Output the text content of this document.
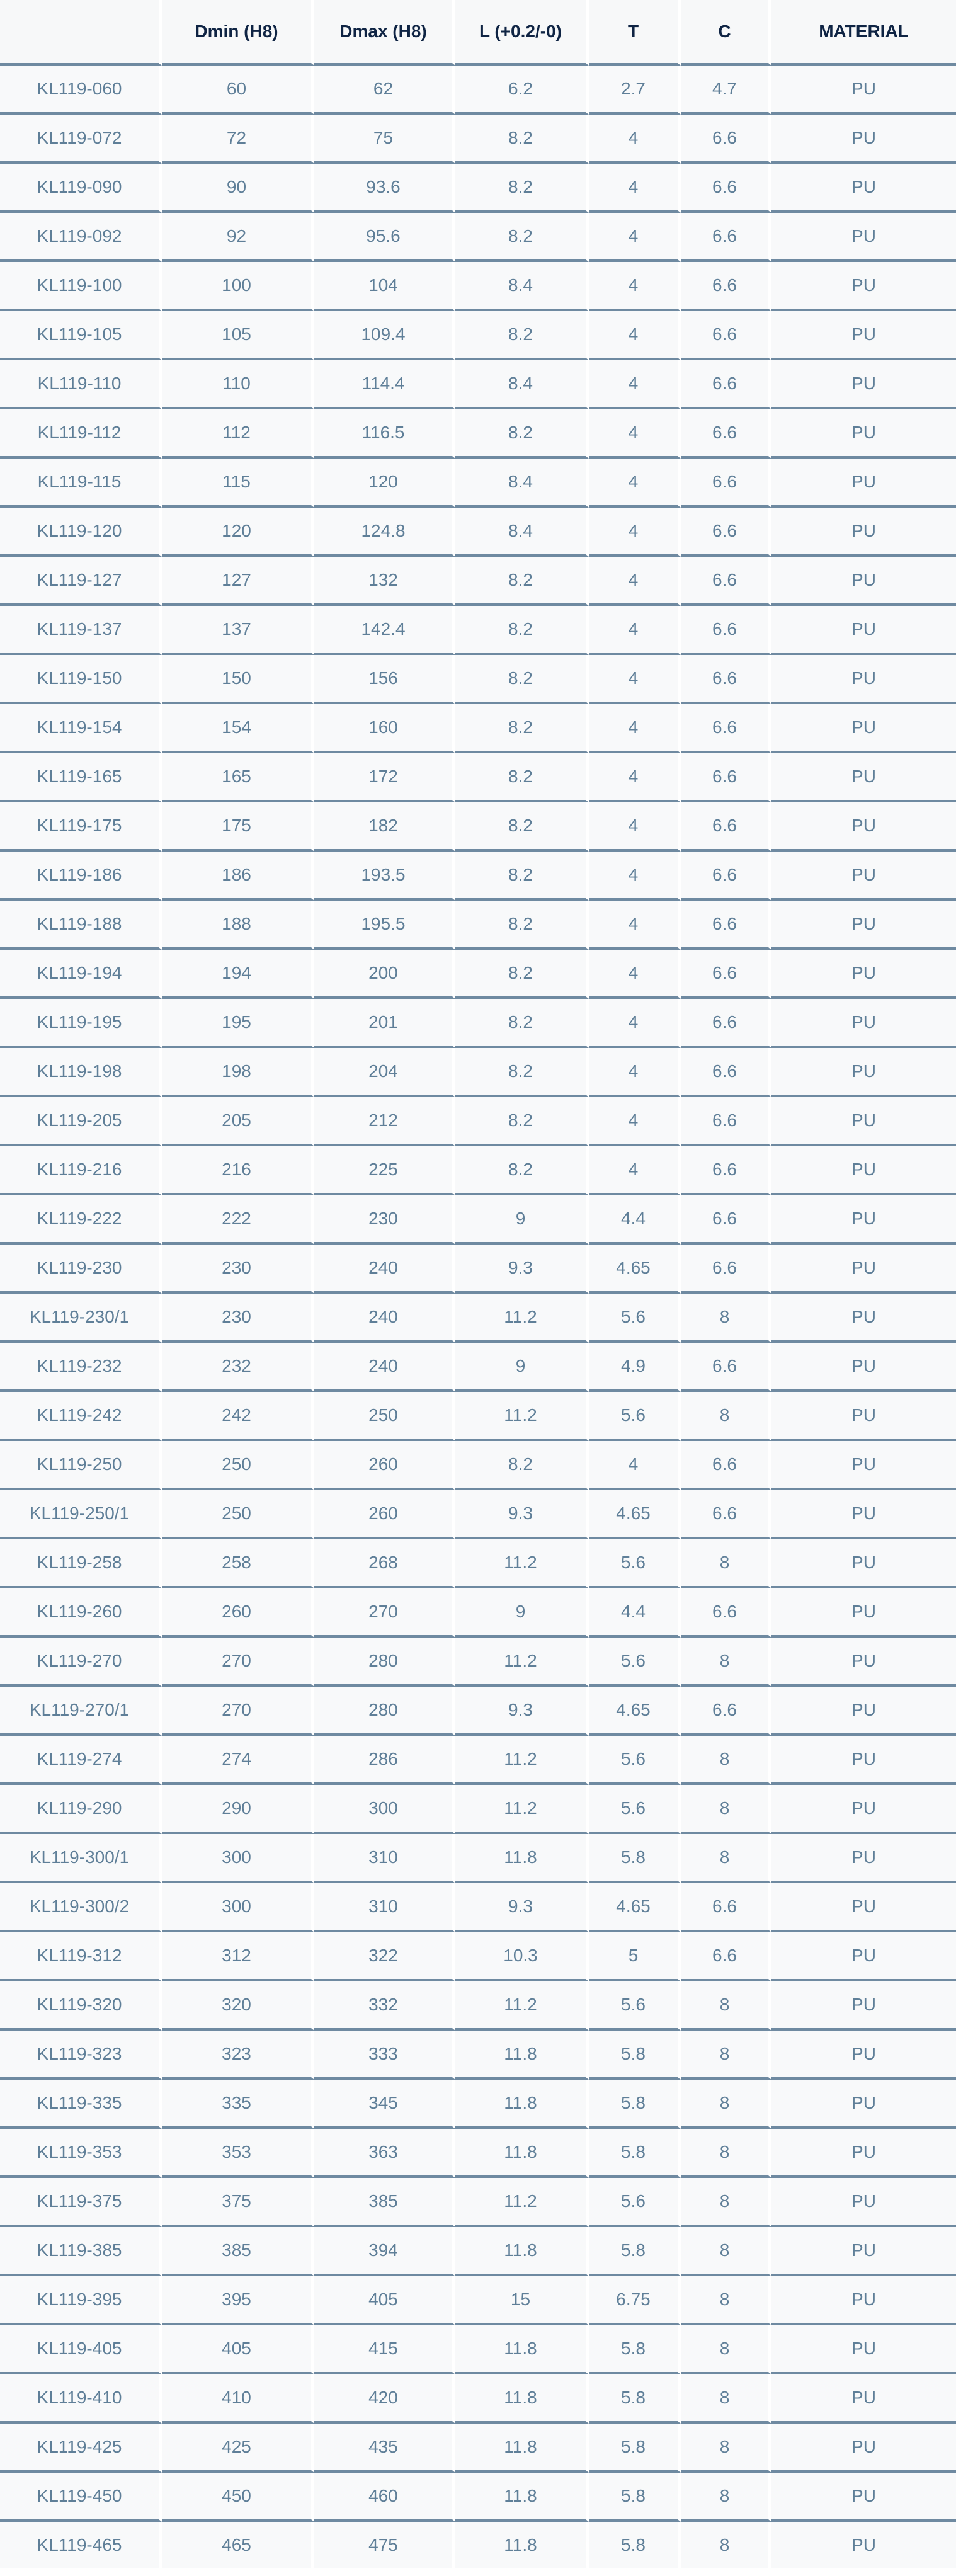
	Dmin (H8)	Dmax (H8)	L (+0.2/-0)	T	C	MATERIAL
KL119-060	60	62	6.2	2.7	4.7	PU
KL119-072	72	75	8.2	4	6.6	PU
KL119-090	90	93.6	8.2	4	6.6	PU
KL119-092	92	95.6	8.2	4	6.6	PU
KL119-100	100	104	8.4	4	6.6	PU
KL119-105	105	109.4	8.2	4	6.6	PU
KL119-110	110	114.4	8.4	4	6.6	PU
KL119-112	112	116.5	8.2	4	6.6	PU
KL119-115	115	120	8.4	4	6.6	PU
KL119-120	120	124.8	8.4	4	6.6	PU
KL119-127	127	132	8.2	4	6.6	PU
KL119-137	137	142.4	8.2	4	6.6	PU
KL119-150	150	156	8.2	4	6.6	PU
KL119-154	154	160	8.2	4	6.6	PU
KL119-165	165	172	8.2	4	6.6	PU
KL119-175	175	182	8.2	4	6.6	PU
KL119-186	186	193.5	8.2	4	6.6	PU
KL119-188	188	195.5	8.2	4	6.6	PU
KL119-194	194	200	8.2	4	6.6	PU
KL119-195	195	201	8.2	4	6.6	PU
KL119-198	198	204	8.2	4	6.6	PU
KL119-205	205	212	8.2	4	6.6	PU
KL119-216	216	225	8.2	4	6.6	PU
KL119-222	222	230	9	4.4	6.6	PU
KL119-230	230	240	9.3	4.65	6.6	PU
KL119-230/1	230	240	11.2	5.6	8	PU
KL119-232	232	240	9	4.9	6.6	PU
KL119-242	242	250	11.2	5.6	8	PU
KL119-250	250	260	8.2	4	6.6	PU
KL119-250/1	250	260	9.3	4.65	6.6	PU
KL119-258	258	268	11.2	5.6	8	PU
KL119-260	260	270	9	4.4	6.6	PU
KL119-270	270	280	11.2	5.6	8	PU
KL119-270/1	270	280	9.3	4.65	6.6	PU
KL119-274	274	286	11.2	5.6	8	PU
KL119-290	290	300	11.2	5.6	8	PU
KL119-300/1	300	310	11.8	5.8	8	PU
KL119-300/2	300	310	9.3	4.65	6.6	PU
KL119-312	312	322	10.3	5	6.6	PU
KL119-320	320	332	11.2	5.6	8	PU
KL119-323	323	333	11.8	5.8	8	PU
KL119-335	335	345	11.8	5.8	8	PU
KL119-353	353	363	11.8	5.8	8	PU
KL119-375	375	385	11.2	5.6	8	PU
KL119-385	385	394	11.8	5.8	8	PU
KL119-395	395	405	15	6.75	8	PU
KL119-405	405	415	11.8	5.8	8	PU
KL119-410	410	420	11.8	5.8	8	PU
KL119-425	425	435	11.8	5.8	8	PU
KL119-450	450	460	11.8	5.8	8	PU
KL119-465	465	475	11.8	5.8	8	PU
